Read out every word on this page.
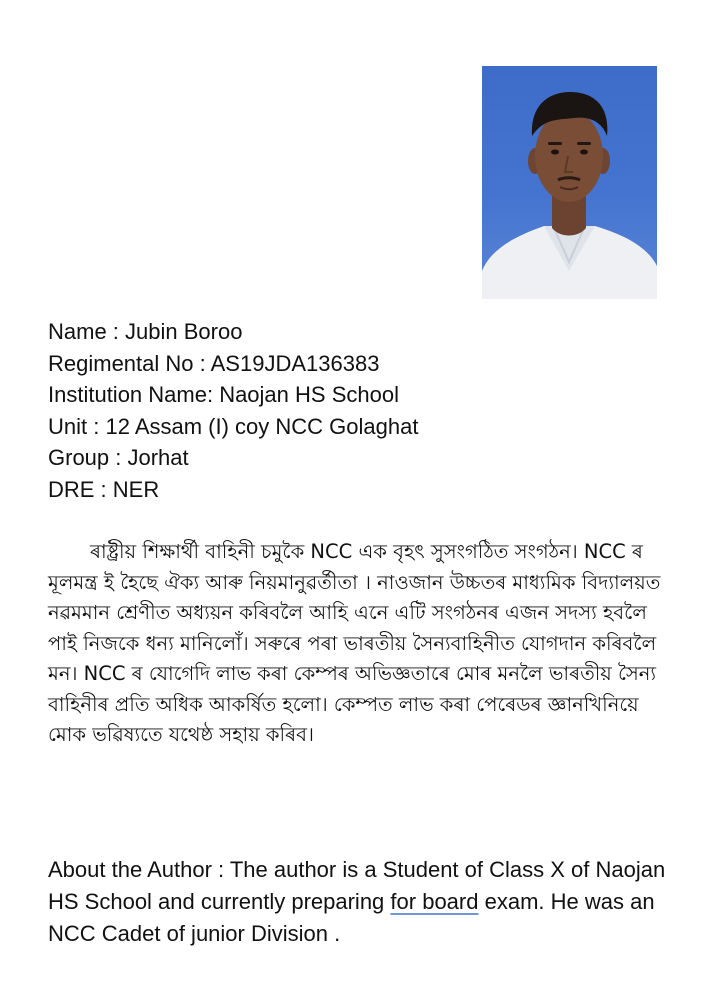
Name : Jubin Boroo
Regimental No : AS19JDA136383
Institution Name: Naojan HS School
Unit : 12 Assam (I) coy NCC Golaghat
Group : Jorhat
DRE : NER
ৰাষ্ট্ৰীয় শিক্ষাৰ্থী বাহিনী চমুকৈ NCC এক বৃহৎ সুসংগঠিত সংগঠন। NCC ৰ মূলমন্ত্ৰ ই হৈছে ঐক্য আৰু নিয়মানুৱৰ্তীতা । নাওজান উচ্চতৰ মাধ্যমিক বিদ্যালয়ত নৱমমান শ্ৰেণীত অধ্যয়ন কৰিবলৈ আহি এনে এটি সংগঠনৰ এজন সদস্য হবলৈ পাই নিজকে ধন্য মানিলোঁ। সৰুৰে পৰা ভাৰতীয় সৈন্যবাহিনীত যোগদান কৰিবলৈ মন। NCC ৰ যোগেদি লাভ কৰা কেম্পৰ অভিজ্ঞতাৰে মোৰ মনলৈ ভাৰতীয় সৈন্য বাহিনীৰ প্ৰতি অধিক আকৰ্ষিত হলো। কেম্পত লাভ কৰা পেৰেডৰ জ্ঞানখিনিয়ে মোক ভৱিষ্যতে যথেষ্ঠ সহায় কৰিব।
About the Author : The author is a Student of Class X of Naojan HS School and currently preparing for board exam. He was an NCC Cadet of junior Division .
